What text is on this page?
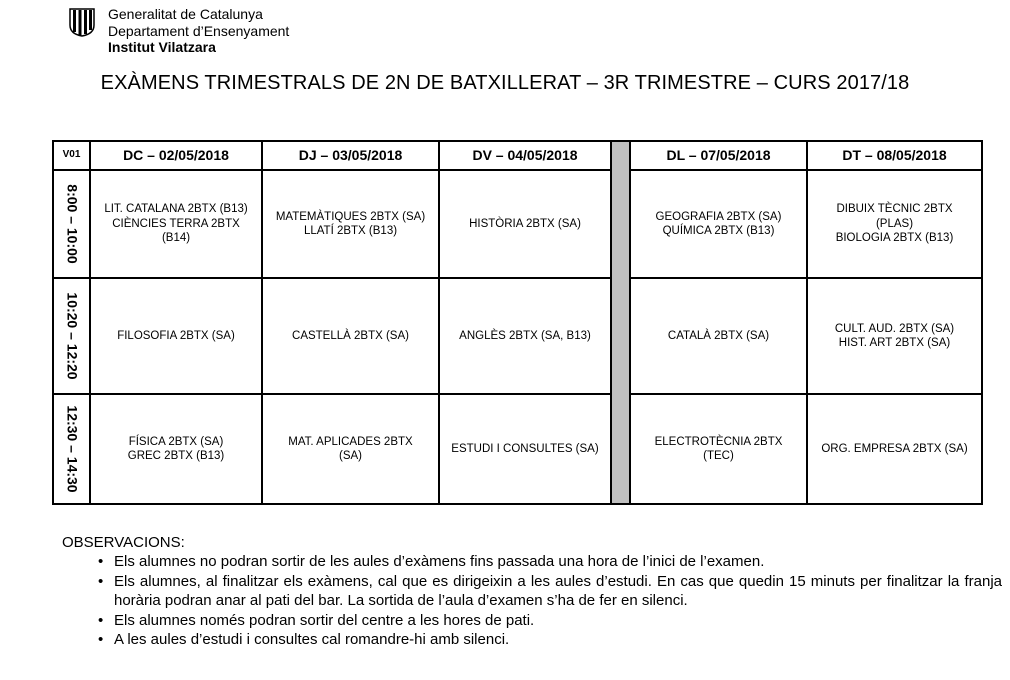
Generalitat de Catalunya
Departament d’Ensenyament
Institut Vilatzara
EXÀMENS TRIMESTRALS DE 2N DE BATXILLERAT – 3R TRIMESTRE – CURS 2017/18
V01	DC – 02/05/2018	DJ – 03/05/2018	DV – 04/05/2018		DL – 07/05/2018	DT – 08/05/2018

8:00 – 10:00	LIT. CATALANA 2BTX (B13)
CIÈNCIES TERRA 2BTX
(B14)	MATEMÀTIQUES 2BTX (SA)
LLATÍ 2BTX (B13)	HISTÒRIA 2BTX (SA)		GEOGRAFIA 2BTX (SA)
QUÍMICA 2BTX (B13)	DIBUIX TÈCNIC 2BTX
(PLAS)
BIOLOGIA 2BTX (B13)

10:20 – 12:20	FILOSOFIA 2BTX (SA)	CASTELLÀ 2BTX (SA)	ANGLÈS 2BTX (SA, B13)		CATALÀ 2BTX (SA)	CULT. AUD. 2BTX (SA)
HIST. ART 2BTX (SA)

12:30 – 14:30	FÍSICA 2BTX (SA)
GREC 2BTX (B13)	MAT. APLICADES 2BTX
(SA)	ESTUDI I CONSULTES (SA)		ELECTROTÈCNIA 2BTX
(TEC)	ORG. EMPRESA 2BTX (SA)
OBSERVACIONS:
• Els alumnes no podran sortir de les aules d’exàmens fins passada una hora de l’inici de l’examen.
• Els alumnes, al finalitzar els exàmens, cal que es dirigeixin a les aules d’estudi. En cas que quedin 15 minuts per finalitzar la franja horària podran anar al pati del bar. La sortida de l’aula d’examen s’ha de fer en silenci.
• Els alumnes només podran sortir del centre a les hores de pati.
• A les aules d’estudi i consultes cal romandre-hi amb silenci.
